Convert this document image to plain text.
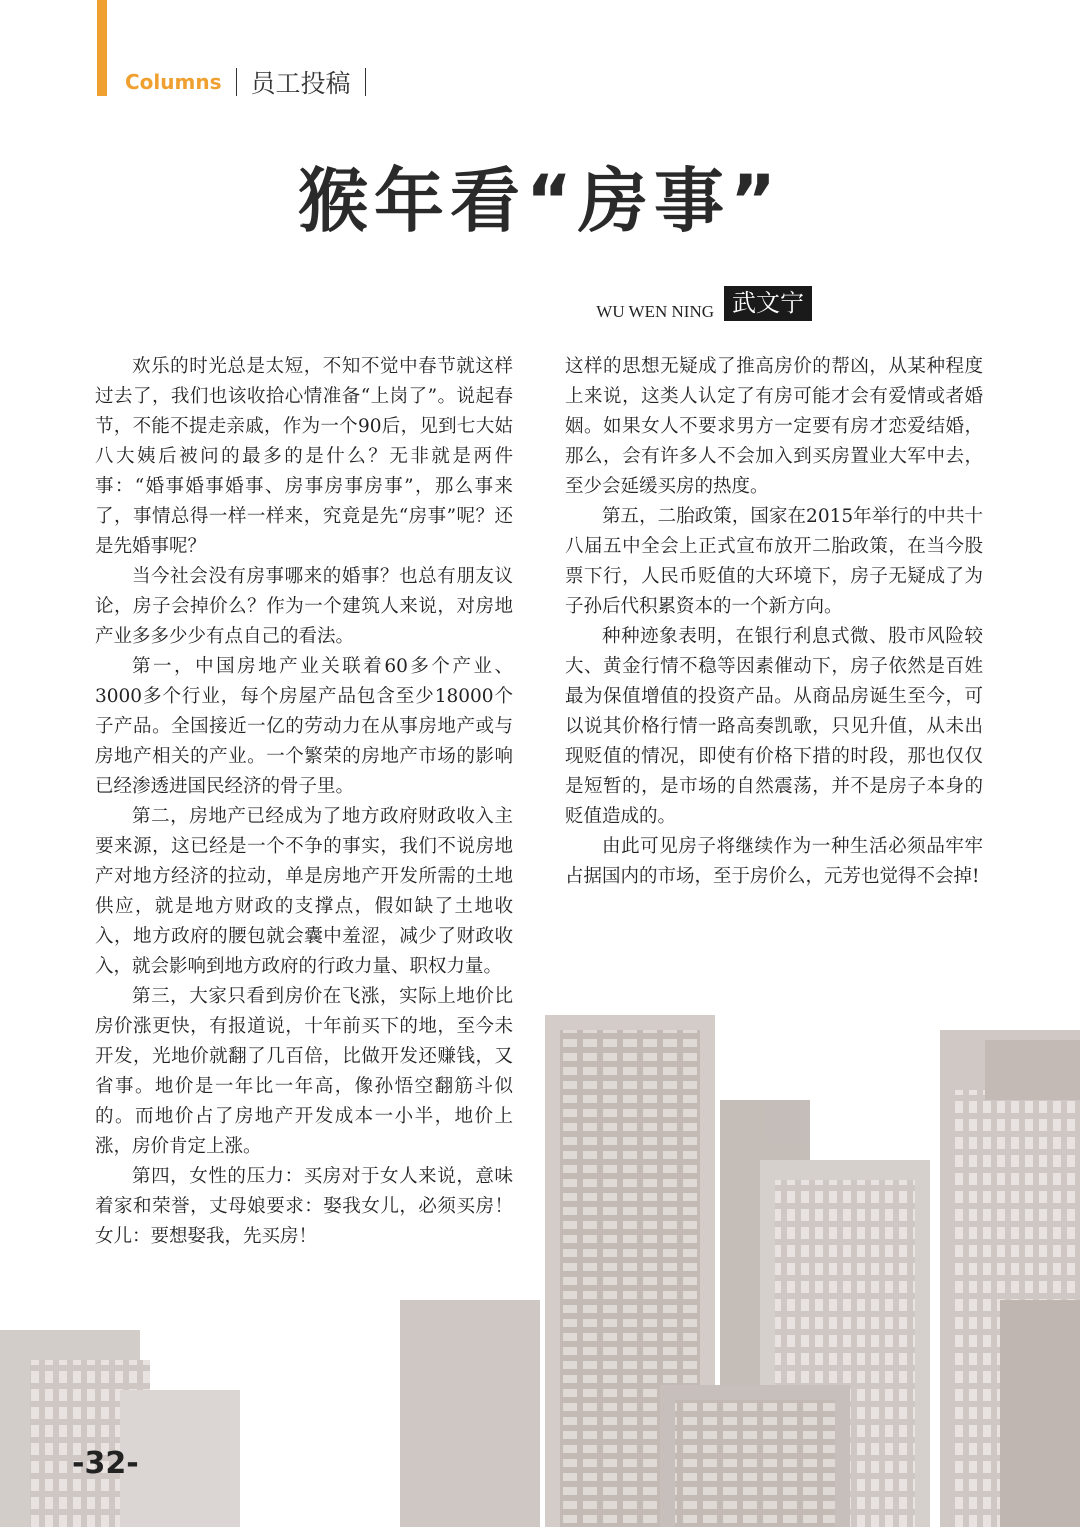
Columns 员工投稿
猴年看“房事”
WU WEN NING 武文宁

欢乐的时光总是太短，不知不觉中春节就这样过去了，我们也该收拾心情准备“上岗了”。说起春节，不能不提走亲戚，作为一个90后，见到七大姑八大姨后被问的最多的是什么？无非就是两件事：“婚事婚事婚事、房事房事房事”，那么事来了，事情总得一样一样来，究竟是先“房事”呢？还是先婚事呢？

当今社会没有房事哪来的婚事？也总有朋友议论，房子会掉价么？作为一个建筑人来说，对房地产业多多少少有点自己的看法。

第一，中国房地产业关联着60多个产业、3000多个行业，每个房屋产品包含至少18000个子产品。全国接近一亿的劳动力在从事房地产或与房地产相关的产业。一个繁荣的房地产市场的影响已经渗透进国民经济的骨子里。

第二，房地产已经成为了地方政府财政收入主要来源，这已经是一个不争的事实，我们不说房地产对地方经济的拉动，单是房地产开发所需的土地供应，就是地方财政的支撑点，假如缺了土地收入，地方政府的腰包就会囊中羞涩，减少了财政收入，就会影响到地方政府的行政力量、职权力量。

第三，大家只看到房价在飞涨，实际上地价比房价涨更快，有报道说，十年前买下的地，至今未开发，光地价就翻了几百倍，比做开发还赚钱，又省事。地价是一年比一年高，像孙悟空翻筋斗似的。而地价占了房地产开发成本一小半，地价上涨，房价肯定上涨。

第四，女性的压力：买房对于女人来说，意味着家和荣誉，丈母娘要求：娶我女儿，必须买房！女儿：要想娶我，先买房！

这样的思想无疑成了推高房价的帮凶，从某种程度上来说，这类人认定了有房可能才会有爱情或者婚姻。如果女人不要求男方一定要有房才恋爱结婚，那么，会有许多人不会加入到买房置业大军中去，至少会延缓买房的热度。

第五，二胎政策，国家在2015年举行的中共十八届五中全会上正式宣布放开二胎政策，在当今股票下行，人民币贬值的大环境下，房子无疑成了为子孙后代积累资本的一个新方向。

种种迹象表明，在银行利息式微、股市风险较大、黄金行情不稳等因素催动下，房子依然是百姓最为保值增值的投资产品。从商品房诞生至今，可以说其价格行情一路高奏凯歌，只见升值，从未出现贬值的情况，即使有价格下措的时段，那也仅仅是短暂的，是市场的自然震荡，并不是房子本身的贬值造成的。

由此可见房子将继续作为一种生活必须品牢牢占据国内的市场，至于房价么，元芳也觉得不会掉!

-32-
